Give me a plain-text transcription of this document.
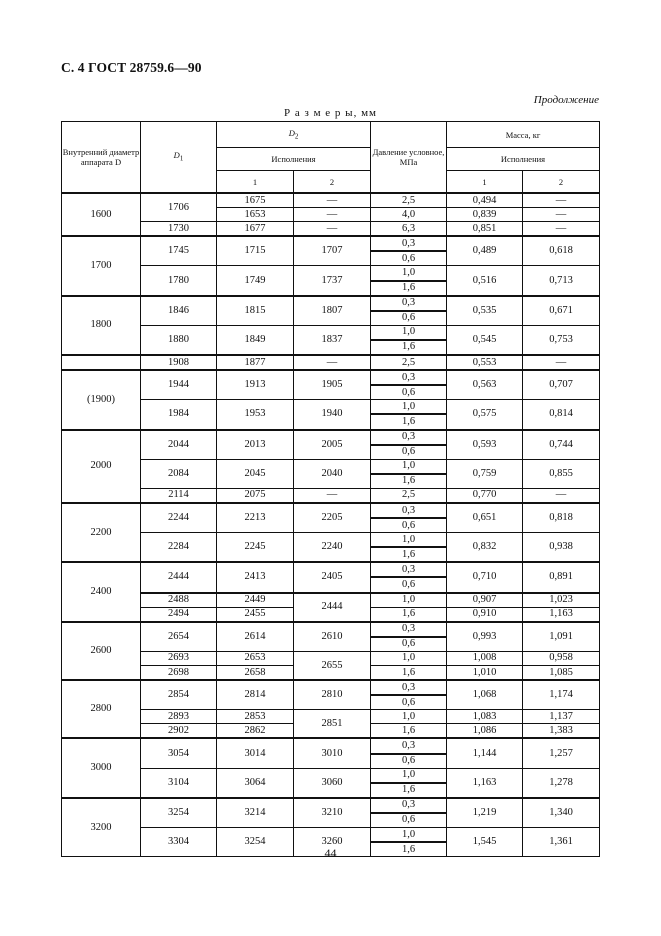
С. 4 ГОСТ 28759.6—90
Продолжение
Р а з м е р ы, мм
Внутренний диаметр аппарата D	$D_1$	$D_2$		Давление условное, МПа	Масса, кг	
		Исполнения			Исполнения	
		1	2		1	2
1600	1706	1675	—	2,5	0,494	—
		1653	—	4,0	0,839	—
	1730	1677	—	6,3	0,851	—
1700	1745	1715	1707	0,3	0,489	0,618
				0,6		
	1780	1749	1737	1,0	0,516	0,713
				1,6		
1800	1846	1815	1807	0,3	0,535	0,671
				0,6		
	1880	1849	1837	1,0	0,545	0,753
				1,6		
	1908	1877	—	2,5	0,553	—
(1900)	1944	1913	1905	0,3	0,563	0,707
				0,6		
	1984	1953	1940	1,0	0,575	0,814
				1,6		
2000	2044	2013	2005	0,3	0,593	0,744
				0,6		
	2084	2045	2040	1,0	0,759	0,855
				1,6		
	2114	2075	—	2,5	0,770	—
2200	2244	2213	2205	0,3	0,651	0,818
				0,6		
	2284	2245	2240	1,0	0,832	0,938
				1,6		
2400	2444	2413	2405	0,3	0,710	0,891
				0,6		
	2488	2449	2444	1,0	0,907	1,023
	2494	2455		1,6	0,910	1,163
2600	2654	2614	2610	0,3	0,993	1,091
				0,6		
	2693	2653	2655	1,0	1,008	0,958
	2698	2658		1,6	1,010	1,085
2800	2854	2814	2810	0,3	1,068	1,174
				0,6		
	2893	2853	2851	1,0	1,083	1,137
	2902	2862		1,6	1,086	1,383
3000	3054	3014	3010	0,3	1,144	1,257
				0,6		
	3104	3064	3060	1,0	1,163	1,278
				1,6		
3200	3254	3214	3210	0,3	1,219	1,340
				0,6		
	3304	3254	3260	1,0	1,545	1,361
				1,6		
44
